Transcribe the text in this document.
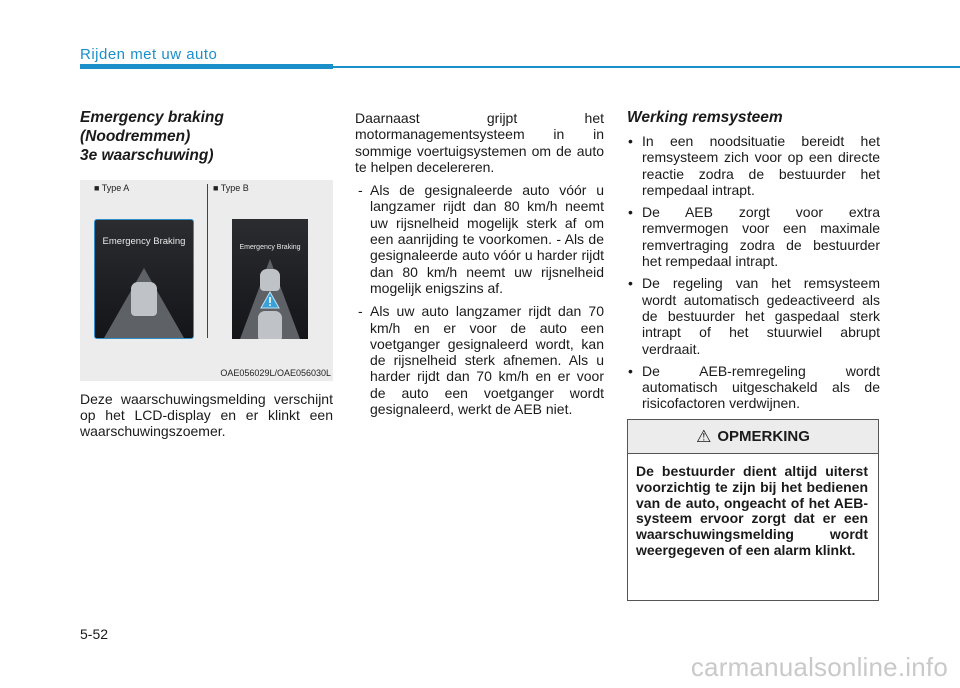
Rijden met uw auto
Emergency braking
(Noodremmen)
3e waarschuwing)
■ Type A	■ Type B
Emergency Braking
Emergency Braking
OAE056029L/OAE056030L

Deze waarschuwingsmelding verschijnt op het LCD-display en er klinkt een waarschuwingszoemer.

Daarnaast grijpt het motormanagementsysteem in in sommige voertuigsystemen om de auto te helpen decelereren.

- Als de gesignaleerde auto vóór u langzamer rijdt dan 80 km/h neemt uw rijsnelheid mogelijk sterk af om een aanrijding te voorkomen. - Als de gesignaleerde auto vóór u harder rijdt dan 80 km/h neemt uw rijsnelheid mogelijk enigszins af.
- Als uw auto langzamer rijdt dan 70 km/h en er voor de auto een voetganger gesignaleerd wordt, kan de rijsnelheid sterk afnemen. Als u harder rijdt dan 70 km/h en er voor de auto een voetganger wordt gesignaleerd, werkt de AEB niet.
Werking remsysteem
• In een noodsituatie bereidt het remsysteem zich voor op een directe reactie zodra de bestuurder het rempedaal intrapt.
• De AEB zorgt voor extra remvermogen voor een maximale remvertraging zodra de bestuurder het rempedaal intrapt.
• De regeling van het remsysteem wordt automatisch gedeactiveerd als de bestuurder het gaspedaal sterk intrapt of het stuurwiel abrupt verdraait.
• De AEB-remregeling wordt automatisch uitgeschakeld als de risicofactoren verdwijnen.
⚠ OPMERKING

De bestuurder dient altijd uiterst voorzichtig te zijn bij het bedienen van de auto, ongeacht of het AEB-systeem ervoor zorgt dat er een waarschuwingsmelding wordt weergegeven of een alarm klinkt.

5-52
carmanualsonline.info
